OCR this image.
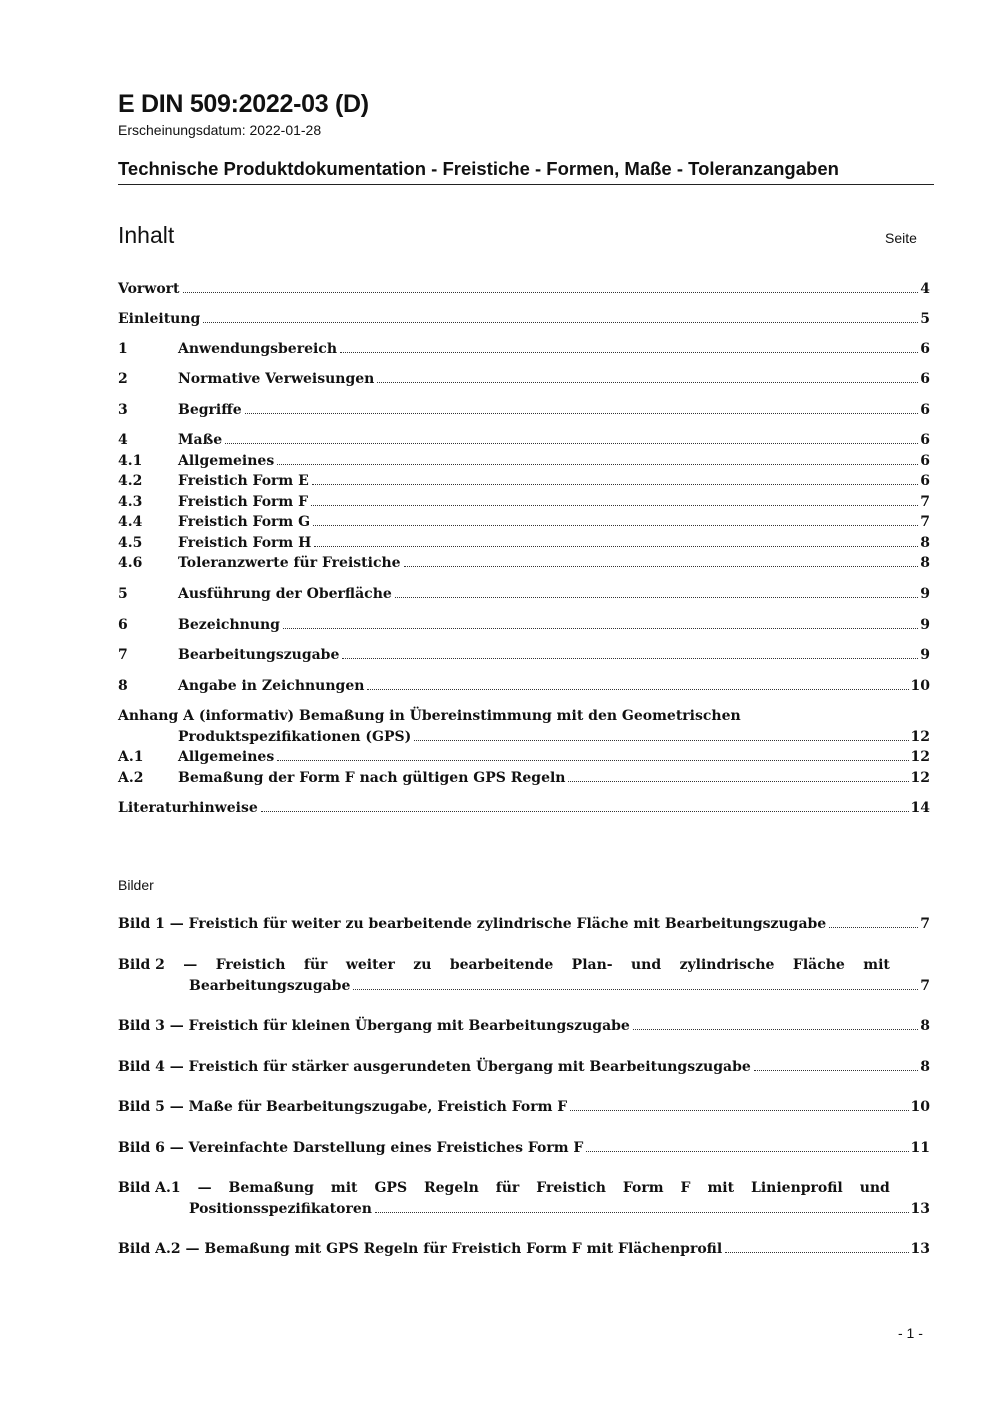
E DIN 509:2022-03 (D)
Erscheinungsdatum: 2022-01-28
Technische Produktdokumentation - Freistiche - Formen, Maße - Toleranzangaben
Inhalt	Seite
Vorwort	4
Einleitung	5
1	Anwendungsbereich	6
2	Normative Verweisungen	6
3	Begriffe	6
4	Maße	6
4.1	Allgemeines	6
4.2	Freistich Form E	6
4.3	Freistich Form F	7
4.4	Freistich Form G	7
4.5	Freistich Form H	8
4.6	Toleranzwerte für Freistiche	8
5	Ausführung der Oberfläche	9
6	Bezeichnung	9
7	Bearbeitungszugabe	9
8	Angabe in Zeichnungen	10
Anhang A (informativ) Bemaßung in Übereinstimmung mit den Geometrischen
Produktspezifikationen (GPS)	12
A.1	Allgemeines	12
A.2	Bemaßung der Form F nach gültigen GPS Regeln	12
Literaturhinweise	14
Bilder
Bild 1 — Freistich für weiter zu bearbeitende zylindrische Fläche mit Bearbeitungszugabe	7
Bild 2 — Freistich für weiter zu bearbeitende Plan- und zylindrische Fläche mit
Bearbeitungszugabe	7
Bild 3 — Freistich für kleinen Übergang mit Bearbeitungszugabe	8
Bild 4 — Freistich für stärker ausgerundeten Übergang mit Bearbeitungszugabe	8
Bild 5 — Maße für Bearbeitungszugabe, Freistich Form F	10
Bild 6 — Vereinfachte Darstellung eines Freistiches Form F	11
Bild A.1 — Bemaßung mit GPS Regeln für Freistich Form F mit Linienprofil und
Positionsspezifikatoren	13
Bild A.2 — Bemaßung mit GPS Regeln für Freistich Form F mit Flächenprofil	13
- 1 -
